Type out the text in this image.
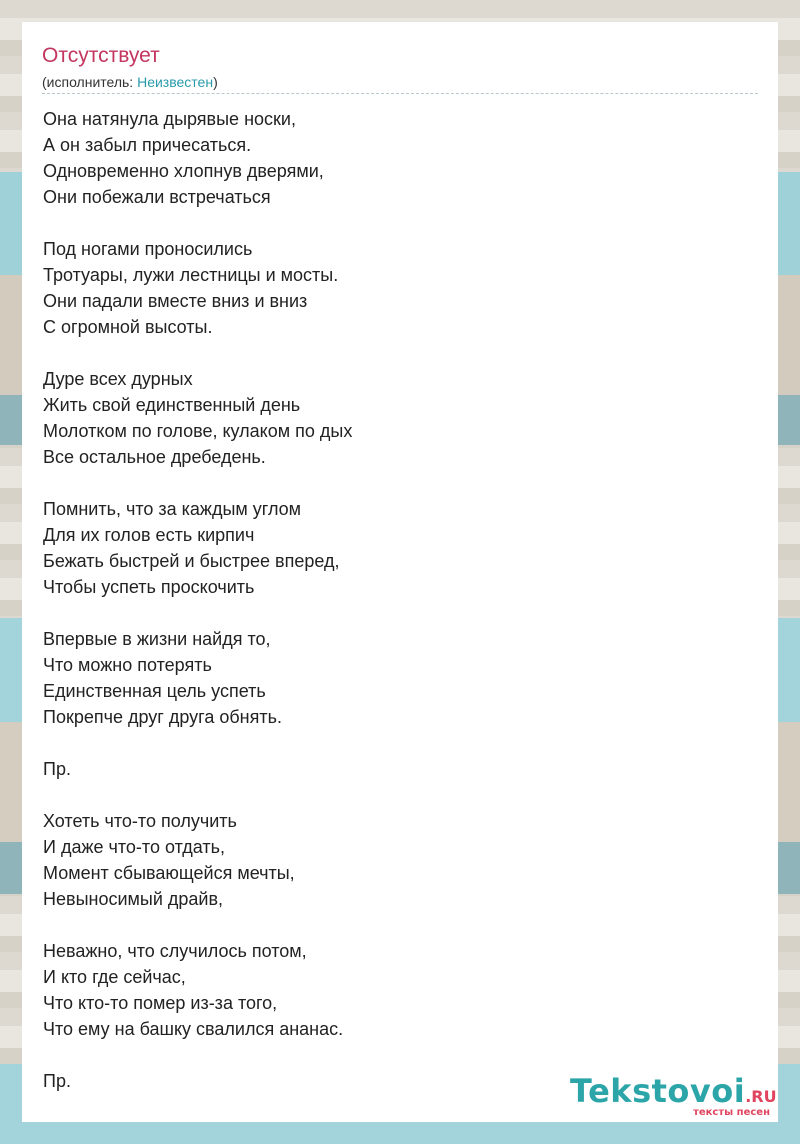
Отсутствует
(исполнитель: Неизвестен)
Она натянула дырявые носки,
А он забыл причесаться.
Одновременно хлопнув дверями,
Они побежали встречаться

Под ногами проносились
Тротуары, лужи лестницы и мосты.
Они падали вместе вниз и вниз
С огромной высоты.

Дуре всех дурных
Жить свой единственный день
Молотком по голове, кулаком по дых
Все остальное дребедень.

Помнить, что за каждым углом
Для их голов есть кирпич
Бежать быстрей и быстрее вперед,
Чтобы успеть проскочить

Впервые в жизни найдя то,
Что можно потерять
Единственная цель успеть
Покрепче друг друга обнять.

Пр.

Хотеть что-то получить
И даже что-то отдать,
Момент сбывающейся мечты,
Невыносимый драйв,

Неважно, что случилось потом,
И кто где сейчас,
Что кто-то помер из-за того,
Что ему на башку свалился ананас.

Пр.	Tekstovoi.RU
тексты песен
